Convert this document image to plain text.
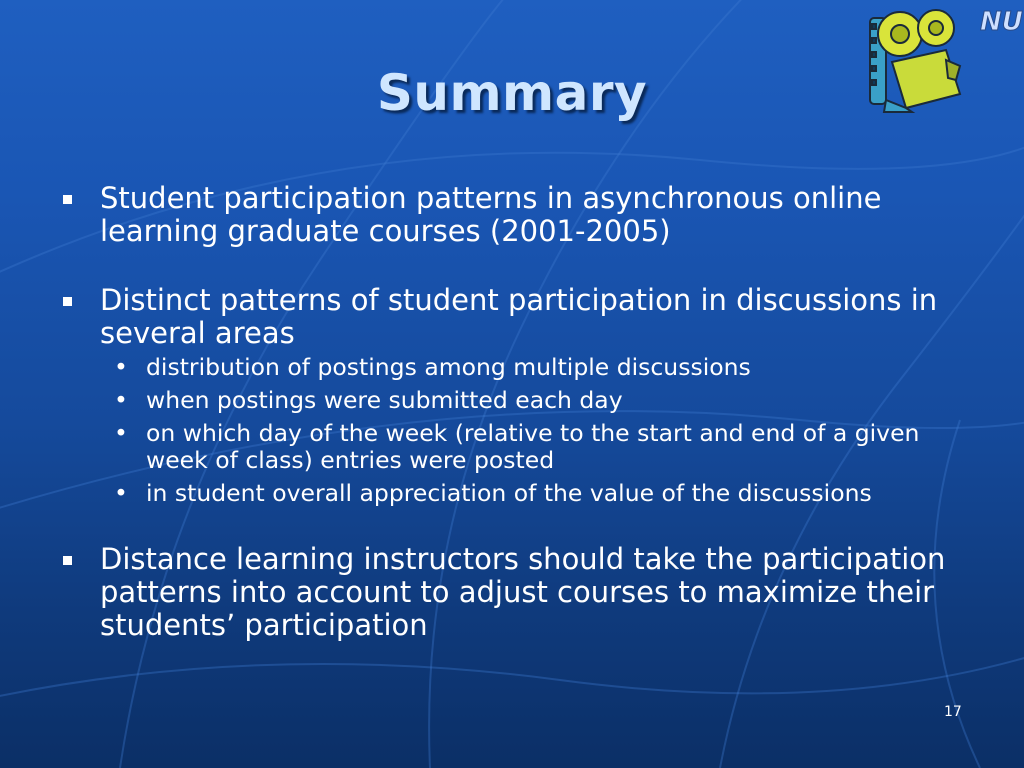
NU
Summary
Student participation patterns in asynchronous online learning graduate courses (2001-2005)
Distinct patterns of student participation in discussions in several areas
• distribution of postings among multiple discussions
• when postings were submitted each day
• on which day of the week (relative to the start and end of a given week of class) entries were posted
• in student overall appreciation of the value of the discussions
Distance learning instructors should take the participation patterns into account to adjust courses to maximize their students’ participation
17
